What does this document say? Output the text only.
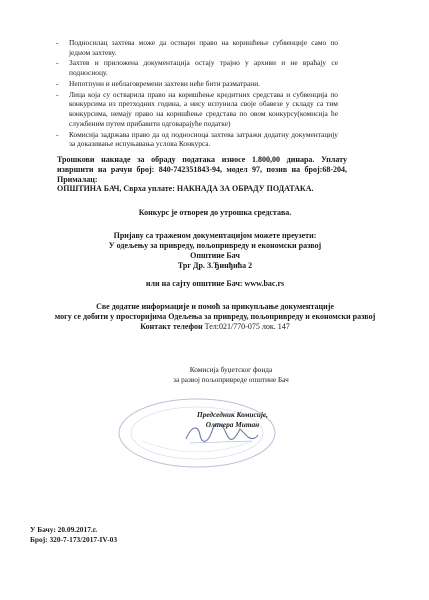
- Подносилац захтева може да оствари право на коришћење субвенције само по једном захтеву.
- Захтев и приложена документација остају трајно у архиви и не враћају се подносиоцу.
- Непотпуни и неблаговремени захтеви неће бити разматрани.
- Лица која су остварила право на коришћење кредитних средстава и субвенција по конкурсима из претходних година, а нису испунила своје обавезе у складу са тим конкурсима, немају право на коришћење средстава по овом конкурсу(комисија ће службеним путем прибавити одговарајуће податке)
- Комисија задржава право да од подносиоца захтева затражи додатну документацију за доказивање испуњавања услова Конкурса.

Трошкови накнаде за обраду података износе 1.800,00 динара. Уплату извршити на рачун број: 840-742351843-94, модел 97, позив на број:68-204, Прималац:
ОПШТИНА БАЧ, Сврха уплате: НАКНАДА ЗА ОБРАДУ ПОДАТАКА.

Конкурс је отворен до утрошка средстава.

Пријаву са траженом документацијом можете преузети:
У одељењу за привреду, пољопривреду и економски развој
Општине Бач
Трг Др. З.Ђинђића 2

или на сајту општине Бач: www.bac.rs

Све додатне информације и помоћ за прикупљање документације
могу се добити у просторијима Одељења за привреду, пољопривреду и економски развој
Контакт телефон Тел:021/770-075 лок. 147

Комисија буџетског фонда
за развој пољопривреде општине Бач

Председник Комисије,
Олинера Митан

У Бачу: 20.09.2017.г.
Број: 320-7-173/2017-IV-03
